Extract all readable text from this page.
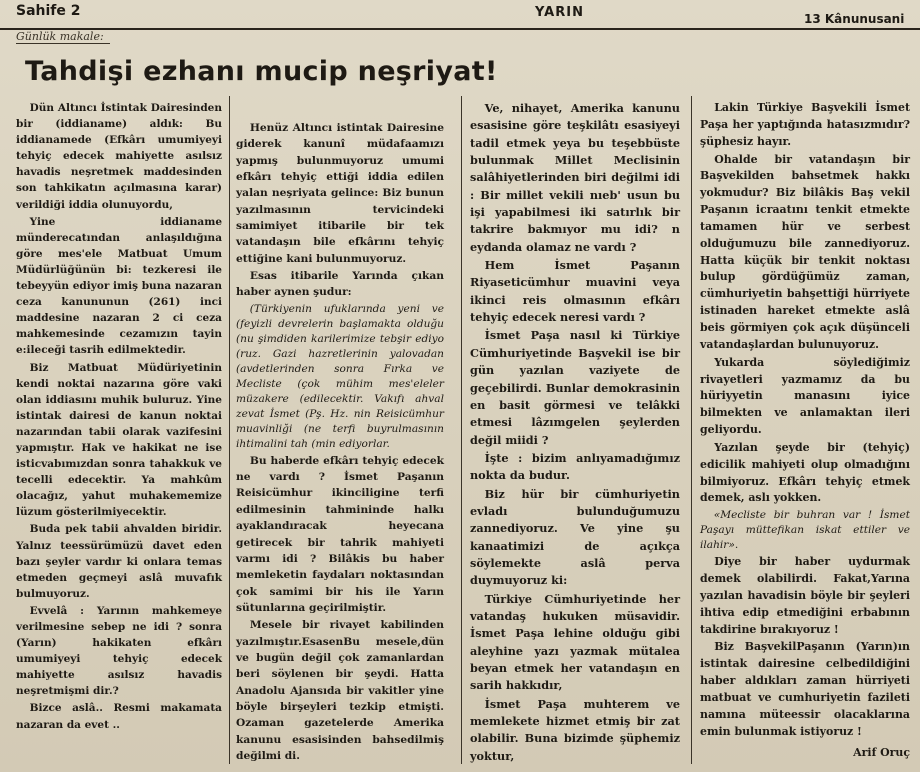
Sahife 2	YARIN	13 Kânunusani
Günlük makale:
Tahdişi ezhanı mucip neşriyat!

Dün Altıncı İstintak Dairesinden bir (iddianame) aldık: Bu iddianamede (Efkârı umumiyeyi tehyiç edecek mahiyette asılsız havadis neşretmek maddesinden son tahkikatın açılmasına karar) verildiği iddia olunuyordu,

Yine iddianame münderecatından anlaşıldığına göre mes'ele Matbuat Umum Müdürlüğünün bi: tezkeresi ile tebeyyün ediyor imiş buna nazaran ceza kanununun (261) inci maddesine nazaran 2 ci ceza mahkemesinde cezamızın tayin e:ileceği tasrih edilmektedir.

Biz Matbuat Müdüriyetinin kendi noktai nazarına göre vaki olan iddiasını muhik buluruz. Yine istintak dairesi de kanun noktai nazarından tabii olarak vazifesini yapmıştır. Hak ve hakikat ne ise isticvabımızdan sonra tahakkuk ve tecelli edecektir. Ya mahkûm olacağız, yahut muhakememize lüzum gösterilmiyecektir.

Buda pek tabii ahvalden biridir. Yalnız teessürümüzü davet eden bazı şeyler vardır ki onlara temas etmeden geçmeyi aslâ muvafık bulmuyoruz.

Evvelâ : Yarının mahkemeye verilmesine sebep ne idi ? sonra (Yarın) hakikaten efkârı umumiyeyi tehyiç edecek mahiyette asılsız havadis neşretmişmi dir.?

Bizce aslâ.. Resmi makamata nazaran da evet ..

Henüz Altıncı istintak Dairesine giderek kanunî müdafaamızı yapmış bulunmuyoruz umumi efkârı tehyiç ettiği iddia edilen yalan neşriyata gelince: Biz bunun yazılmasının tervicindeki samimiyet itibarile bir tek vatandaşın bile efkârını tehyiç ettiğine kani bulunmuyoruz.

Esas itibarile Yarında çıkan haber aynen şudur:

(Türkiyenin ufuklarında yeni ve (feyizli devrelerin başlamakta olduğu (nu şimdiden karilerimize tebşir ediyo (ruz. Gazi hazretlerinin yalovadan (avdetlerinden sonra Fırka ve Mecliste (çok mühim mes'eleler müzakere (edilecektir. Vakıfı ahval zevat İsmet (Pş. Hz. nin Reisicümhur muavinliği (ne terfi buyrulmasının ihtimalini tah (min ediyorlar.

Bu haberde efkârı tehyiç edecek ne vardı ? İsmet Paşanın Reisicümhur ikinciligine terfi edilmesinin tahmininde halkı ayaklandıracak heyecana getirecek bir tahrik mahiyeti varmı idi ? Bilâkis bu haber memleketin faydaları noktasından çok samimi bir his ile Yarın sütunlarına geçirilmiştir.

Mesele bir rivayet kabilinden yazılmıştır.EsasenBu mesele,dün ve bugün değil çok zamanlardan beri söylenen bir şeydi. Hatta Anadolu Ajansıda bir vakitler yine böyle birşeyleri tezkip etmişti. Ozaman gazetelerde Amerika kanunu esasisinden bahsedilmiş değilmi di.

Ve, nihayet, Amerika kanunu esasisine göre teşkilâtı esasiyeyi tadil etmek yeya bu teşebbüste bulunmak Millet Meclisinin salâhiyetlerinden biri değilmi idi : Bir millet vekili nıeb' usun bu işi yapabilmesi iki satırlık bir takrire bakmıyor mu idi? n eydanda olamaz ne vardı ?

Hem İsmet Paşanın Riyaseticümhur muavini veya ikinci reis olmasının efkârı tehyiç edecek neresi vardı ?

İsmet Paşa nasıl ki Türkiye Cümhuriyetinde Başvekil ise bir gün yazılan vaziyete de geçebilirdi. Bunlar demokrasinin en basit görmesi ve telâkki etmesi lâzımgelen şeylerden değil miidi ?

İşte : bizim anlıyamadığımız nokta da budur.

Biz hür bir cümhuriyetin evladı bulunduğumuzu zannediyoruz. Ve yine şu kanaatimizi de açıkça söylemekte aslâ perva duymuyoruz ki:

Türkiye Cümhuriyetinde her vatandaş hukuken müsavidir. İsmet Paşa lehine olduğu gibi aleyhine yazı yazmak mütalea beyan etmek her vatandaşın en sarih hakkıdır,

İsmet Paşa muhterem ve memlekete hizmet etmiş bir zat olabilir. Buna bizimde şüphemiz yoktur,

Lakin Türkiye Başvekili İsmet Paşa her yaptığında hatasızmıdır? şüphesiz hayır.

Ohalde bir vatandaşın bir Başvekilden bahsetmek hakkı yokmudur? Biz bilâkis Baş vekil Paşanın icraatını tenkit etmekte tamamen hür ve serbest olduğumuzu bile zannediyoruz. Hatta küçük bir tenkit noktası bulup gördüğümüz zaman, cümhuriyetin bahşettiği hürriyete istinaden hareket etmekte aslâ beis görmiyen çok açık düşünceli vatandaşlardan bulunuyoruz.

Yukarda söylediğimiz rivayetleri yazmamız da bu hüriyyetin manasını iyice bilmekten ve anlamaktan ileri geliyordu.

Yazılan şeyde bir (tehyiç) edicilik mahiyeti olup olmadığını bilmiyoruz. Efkârı tehyiç etmek demek, aslı yokken.

«Mecliste bir buhran var ! İsmet Paşayı müttefikan iskat ettiler ve ilahir».

Diye bir haber uydurmak demek olabilirdi. Fakat,Yarına yazılan havadisin böyle bir şeyleri ihtiva edip etmediğini erbabının takdirine bırakıyoruz !

Biz BaşvekilPaşanın (Yarın)ın istintak dairesine celbedildiğini haber aldıkları zaman hürriyeti matbuat ve cumhuriyetin fazileti namına müteessir olacaklarına emin bulunmak istiyoruz !

Arif Oruç
